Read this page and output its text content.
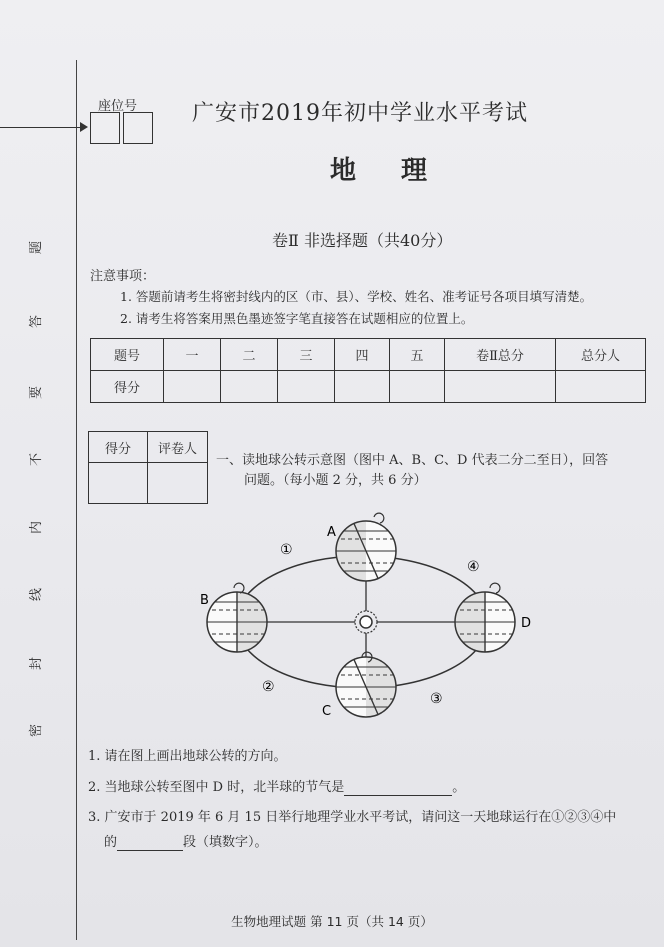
题
答
要
不
内
线
封
密
座位号 广安市2019年初中学业水平考试
地 理
卷Ⅱ 非选择题（共40分）
注意事项：
1. 答题前请考生将密封线内的区（市、县）、学校、姓名、准考证号各项目填写清楚。
2. 请考生将答案用黑色墨迹签字笔直接答在试题相应的位置上。
题号	一	二	三	四	五	卷Ⅱ总分	总分人
得分							
得分	评卷人

一、读地球公转示意图（图中 A、B、C、D 代表二分二至日），回答
问题。（每小题 2 分，共 6 分）
A
B
C
D
①
②
③
④
1. 请在图上画出地球公转的方向。
2. 当地球公转至图中 D 时，北半球的节气是	。
3. 广安市于 2019 年 6 月 15 日举行地理学业水平考试，请问这一天地球运行在①②③④中
的	段（填数字）。
生物地理试题 第 11 页（共 14 页）
